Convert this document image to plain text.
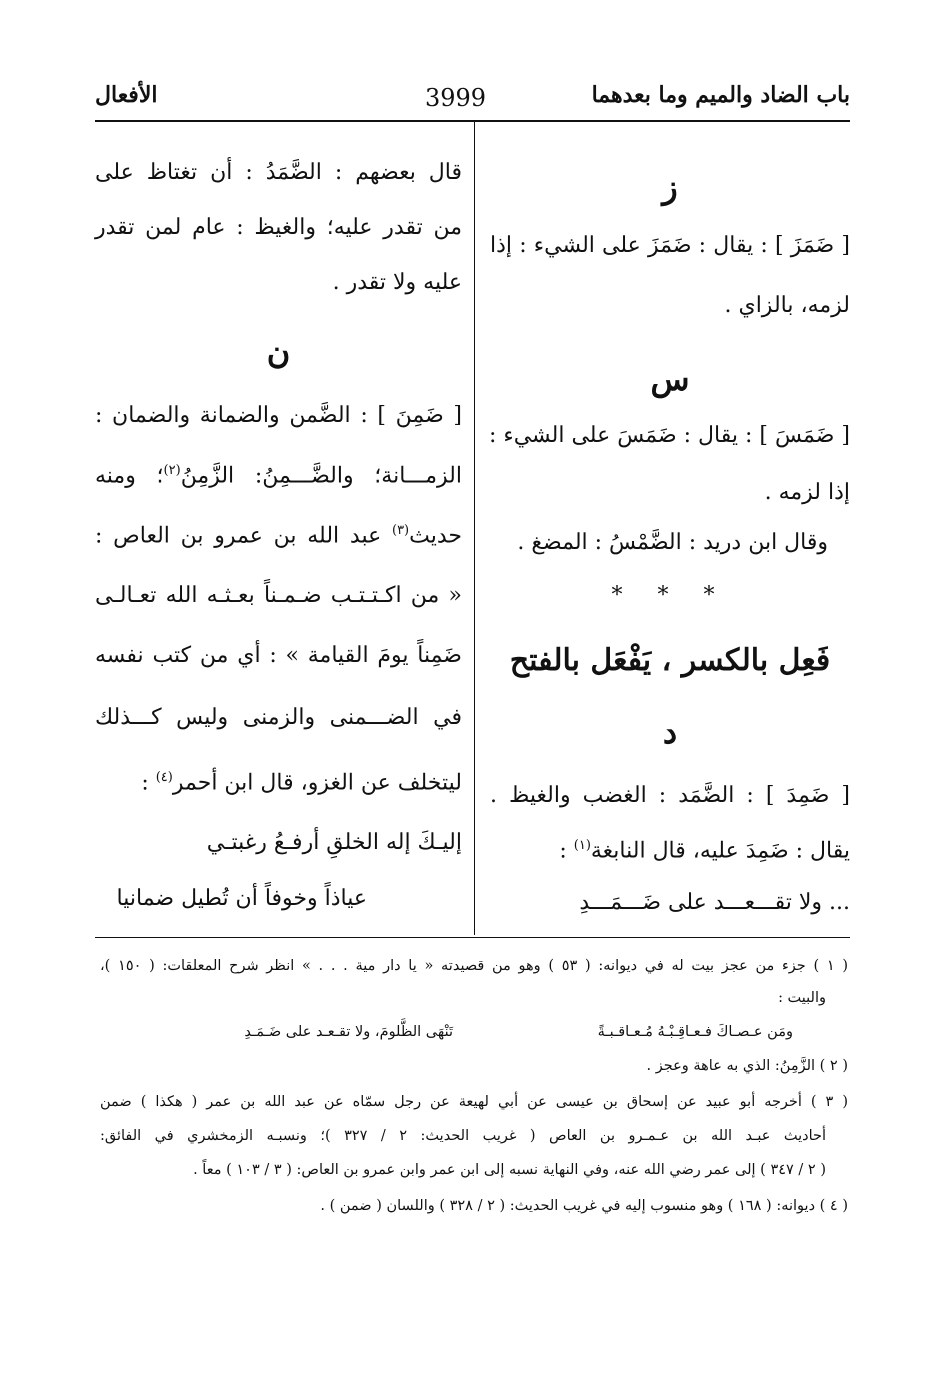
باب الضاد والميم وما بعدهما
3999
الأفعال
ز
[ ضَمَزَ ] : يقال : ضَمَزَ على الشيء : إذا
لزمه، بالزاي .
س
[ ضَمَسَ ] : يقال : ضَمَسَ على الشيء :
إذا لزمه .
وقال ابن دريد : الضَّمْسُ : المضغ .
* * *
فَعِل بالكسر ، يَفْعَل بالفتح
د
[ ضَمِدَ ] : الضَّمَد : الغضب والغيظ .
يقال : ضَمِدَ عليه، قال النابغة$^{(١)}$ :
... ولا تقـــعـــد على ضَـــمَـــدِ
قال بعضهم : الضَّمَدُ : أن تغتاظ على
من تقدر عليه؛ والغيظ : عام لمن تقدر
عليه ولا تقدر .
ن
[ ضَمِنَ ] : الضَّمن والضمانة والضمان :
الزمـــانة؛ والضَّـــمِنُ: الزَّمِنُ$^{(٢)}$؛ ومنه
حديث$^{(٣)}$ عبد الله بن عمرو بن العاص :
« من اكـتـتـب ضـمـناً بعـثـه الله تعـالـى
ضَمِناً يومَ القيامة » : أي من كتب نفسه
في الضـــمنى والزمنى وليس كـــذلك
ليتخلف عن الغزو، قال ابن أحمر$^{(٤)}$ :
إليـكَ إله الخلقِ أرفـعُ رغبتـي
عياذاً وخوفاً أن تُطيل ضمانيا
( ١ ) جزء من عجز بيت له في ديوانه: ( ٥٣ ) وهو من قصيدته « يا دار مية . . . » انظر شرح المعلقات: ( ١٥٠ )،
والبيت :
ومَن عـصـاكَ فـعـاقِـبْـهُ مُـعـاقـبـةً
تَنْهَى الظَّلومَ، ولا تقـعـد على ضَـمَـدِ
( ٢ ) الزَّمِنُ: الذي به عاهة وعجز .
( ٣ ) أخرجه أبو عبيد عن إسحاق بن عيسى عن أبي لهيعة عن رجل سمّاه عن عبد الله بن عمر ( هكذا ) ضمن
أحاديث عبـد الله بن عـمـرو بن العاص ( غريب الحديث: ٢ / ٣٢٧ )؛ ونسبـه الزمخشري في الفائق:
( ٢ / ٣٤٧ ) إلى عمر رضي الله عنه، وفي النهاية نسبه إلى ابن عمر وابن عمرو بن العاص: ( ٣ / ١٠٣ ) معاً .
( ٤ ) ديوانه: ( ١٦٨ ) وهو منسوب إليه في غريب الحديث: ( ٢ / ٣٢٨ ) واللسان ( ضمن ) .
